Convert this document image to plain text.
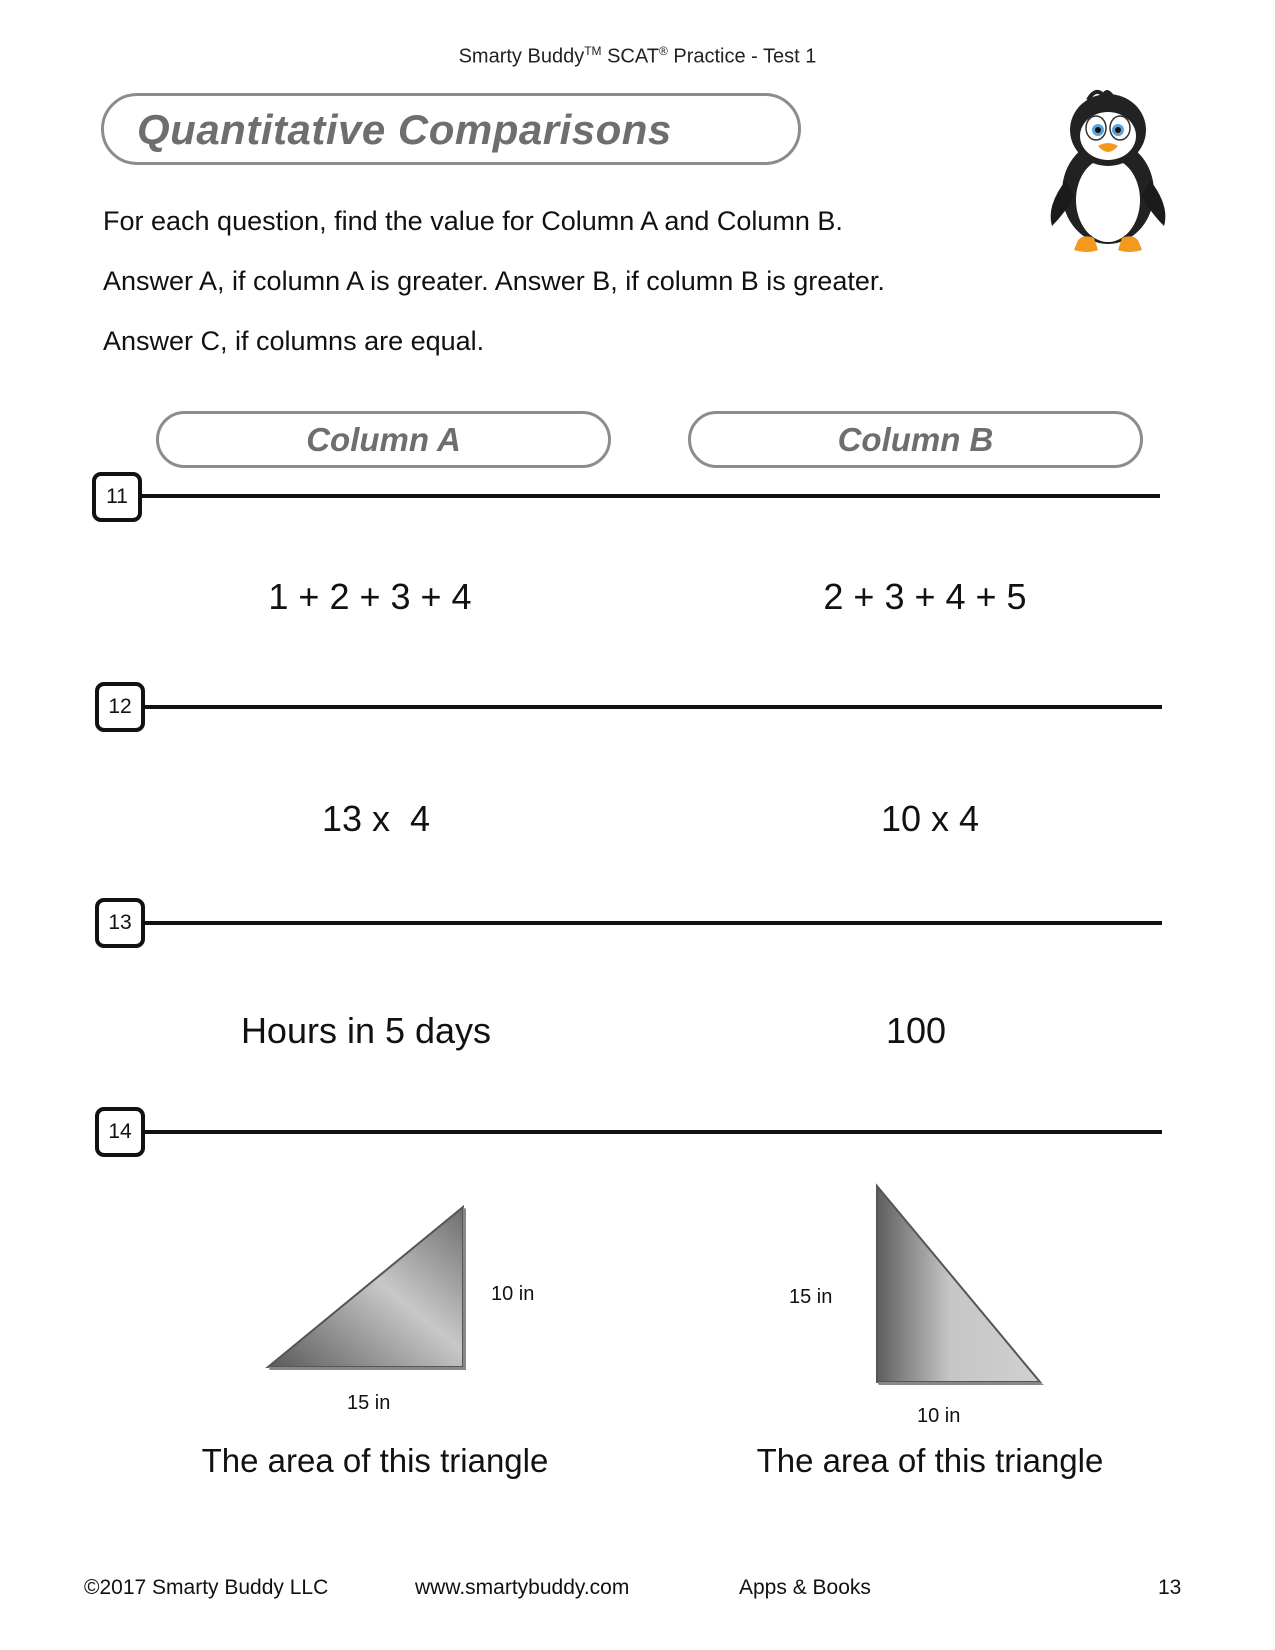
Smarty Buddy™ SCAT® Practice - Test 1
Quantitative Comparisons
For each question, find the value for Column A and Column B.
Answer A, if column A is greater. Answer B, if column B is greater.
Answer C, if columns are equal.
Column A	Column B
11
1 + 2 + 3 + 4	2 + 3 + 4 + 5
12
13 x  4	10 x 4
13
Hours in 5 days	100
14
10 in
15 in
The area of this triangle
15 in
10 in
The area of this triangle
©2017 Smarty Buddy LLC	www.smartybuddy.com	Apps & Books	13
